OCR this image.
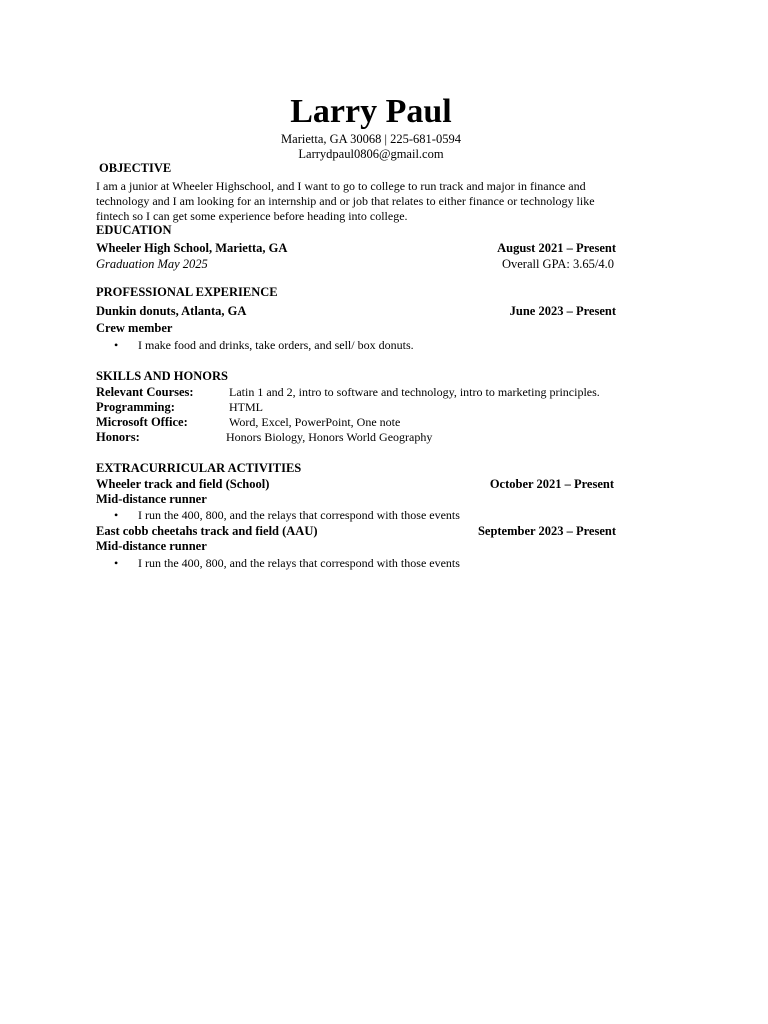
Larry Paul
Marietta, GA 30068 | 225-681-0594
Larrydpaul0806@gmail.com
OBJECTIVE
I am a junior at Wheeler Highschool, and I want to go to college to run track and major in finance and technology and I am looking for an internship and or job that relates to either finance or technology like fintech so I can get some experience before heading into college.
EDUCATION
Wheeler High School, Marietta, GA	August 2021 – Present
Graduation May 2025	Overall GPA: 3.65/4.0
PROFESSIONAL EXPERIENCE
Dunkin donuts, Atlanta, GA	June 2023 – Present
Crew member
• I make food and drinks, take orders, and sell/ box donuts.
SKILLS AND HONORS
Relevant Courses:	Latin 1 and 2, intro to software and technology, intro to marketing principles.
Programming:	HTML
Microsoft Office:	Word, Excel, PowerPoint, One note
Honors:	Honors Biology, Honors World Geography
EXTRACURRICULAR ACTIVITIES
Wheeler track and field (School)	October 2021 – Present
Mid-distance runner
• I run the 400, 800, and the relays that correspond with those events
East cobb cheetahs track and field (AAU)	September 2023 – Present
Mid-distance runner
• I run the 400, 800, and the relays that correspond with those events
